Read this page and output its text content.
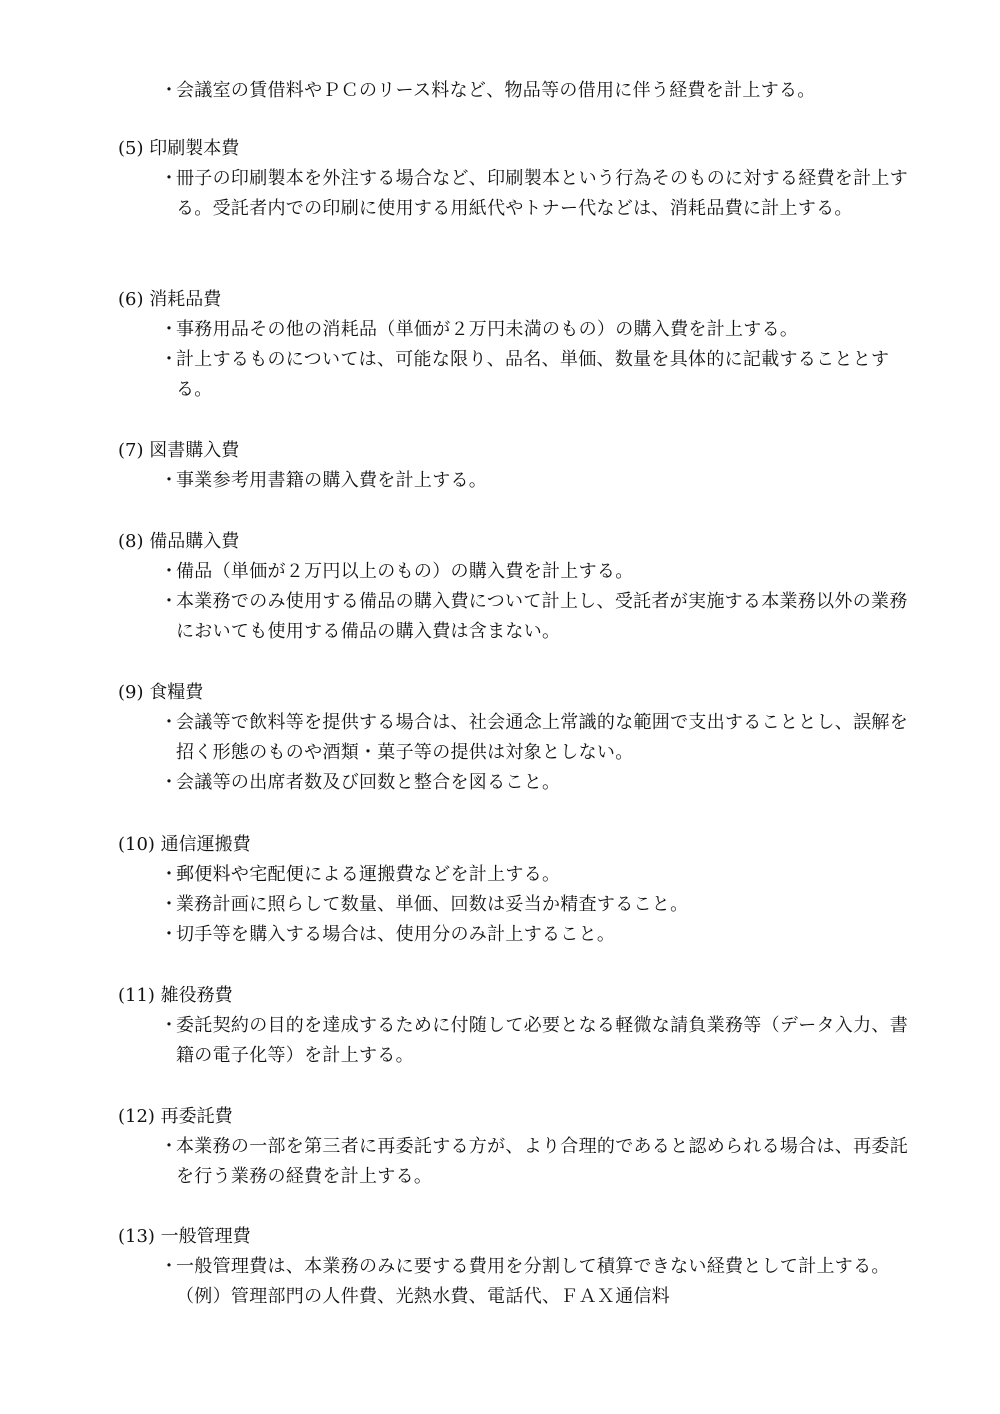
・
会議室の賃借料やＰＣのリース料など、物品等の借用に伴う経費を計上する。
(5) 印刷製本費
・
冊子の印刷製本を外注する場合など、印刷製本という行為そのものに対する経費を計上する。受託者内での印刷に使用する用紙代やトナー代などは、消耗品費に計上する。
(6) 消耗品費
・
事務用品その他の消耗品（単価が２万円未満のもの）の購入費を計上する。
・
計上するものについては、可能な限り、品名、単価、数量を具体的に記載することとする。
(7) 図書購入費
・
事業参考用書籍の購入費を計上する。
(8) 備品購入費
・
備品（単価が２万円以上のもの）の購入費を計上する。
・
本業務でのみ使用する備品の購入費について計上し、受託者が実施する本業務以外の業務においても使用する備品の購入費は含まない。
(9) 食糧費
・
会議等で飲料等を提供する場合は、社会通念上常識的な範囲で支出することとし、誤解を招く形態のものや酒類・菓子等の提供は対象としない。
・
会議等の出席者数及び回数と整合を図ること。
(10) 通信運搬費
・
郵便料や宅配便による運搬費などを計上する。
・
業務計画に照らして数量、単価、回数は妥当か精査すること。
・
切手等を購入する場合は、使用分のみ計上すること。
(11) 雑役務費
・
委託契約の目的を達成するために付随して必要となる軽微な請負業務等（データ入力、書籍の電子化等）を計上する。
(12) 再委託費
・
本業務の一部を第三者に再委託する方が、より合理的であると認められる場合は、再委託を行う業務の経費を計上する。
(13) 一般管理費
・
一般管理費は、本業務のみに要する費用を分割して積算できない経費として計上する。（例）管理部門の人件費、光熱水費、電話代、ＦＡＸ通信料
